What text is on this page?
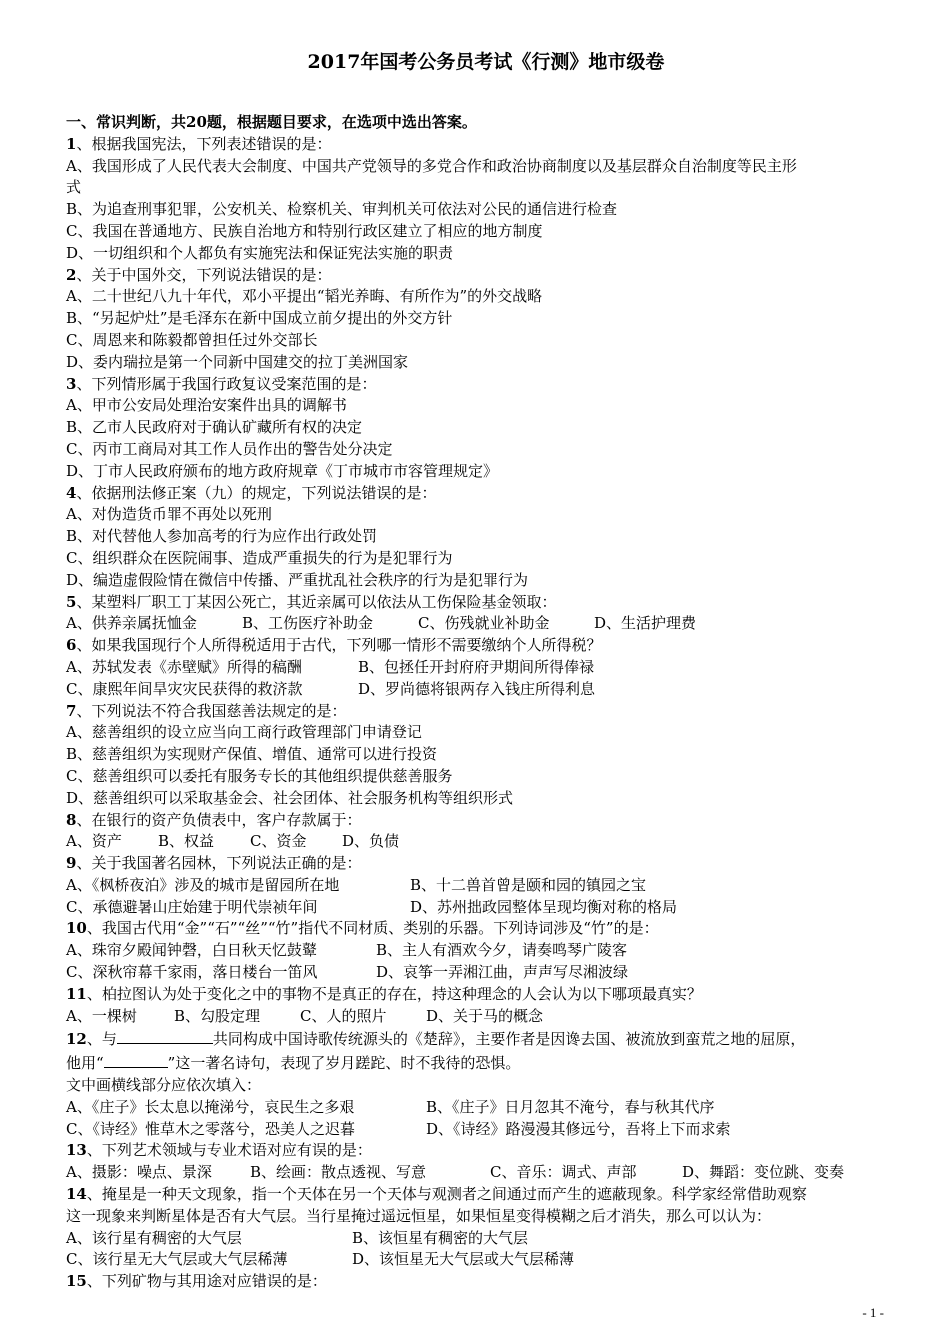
2017年国考公务员考试《行测》地市级卷
一、常识判断，共20题，根据题目要求，在选项中选出答案。
1、根据我国宪法，下列表述错误的是：
A、我国形成了人民代表大会制度、中国共产党领导的多党合作和政治协商制度以及基层群众自治制度等民主形
式
B、为追查刑事犯罪，公安机关、检察机关、审判机关可依法对公民的通信进行检查
C、我国在普通地方、民族自治地方和特别行政区建立了相应的地方制度
D、一切组织和个人都负有实施宪法和保证宪法实施的职责
2、关于中国外交，下列说法错误的是：
A、二十世纪八九十年代，邓小平提出“韬光养晦、有所作为”的外交战略
B、“另起炉灶”是毛泽东在新中国成立前夕提出的外交方针
C、周恩来和陈毅都曾担任过外交部长
D、委内瑞拉是第一个同新中国建交的拉丁美洲国家
3、下列情形属于我国行政复议受案范围的是：
A、甲市公安局处理治安案件出具的调解书
B、乙市人民政府对于确认矿藏所有权的决定
C、丙市工商局对其工作人员作出的警告处分决定
D、丁市人民政府颁布的地方政府规章《丁市城市市容管理规定》
4、依据刑法修正案（九）的规定，下列说法错误的是：
A、对伪造货币罪不再处以死刑
B、对代替他人参加高考的行为应作出行政处罚
C、组织群众在医院闹事、造成严重损失的行为是犯罪行为
D、编造虚假险情在微信中传播、严重扰乱社会秩序的行为是犯罪行为
5、某塑料厂职工丁某因公死亡，其近亲属可以依法从工伤保险基金领取：
A、供养亲属抚恤金	B、工伤医疗补助金	C、伤残就业补助金	D、生活护理费
6、如果我国现行个人所得税适用于古代，下列哪一情形不需要缴纳个人所得税？
A、苏轼发表《赤壁赋》所得的稿酬	B、包拯任开封府府尹期间所得俸禄
C、康熙年间旱灾灾民获得的救济款	D、罗尚德将银两存入钱庄所得利息
7、下列说法不符合我国慈善法规定的是：
A、慈善组织的设立应当向工商行政管理部门申请登记
B、慈善组织为实现财产保值、增值、通常可以进行投资
C、慈善组织可以委托有服务专长的其他组织提供慈善服务
D、慈善组织可以采取基金会、社会团体、社会服务机构等组织形式
8、在银行的资产负债表中，客户存款属于：
A、资产	B、权益	C、资金	D、负债
9、关于我国著名园林，下列说法正确的是：
A、《枫桥夜泊》涉及的城市是留园所在地	B、十二兽首曾是颐和园的镇园之宝
C、承德避暑山庄始建于明代崇祯年间	D、苏州拙政园整体呈现均衡对称的格局
10、我国古代用“金”“石”“丝”“竹”指代不同材质、类别的乐器。下列诗词涉及“竹”的是：
A、珠帘夕殿闻钟磬，白日秋天忆鼓鼙	B、主人有酒欢今夕，请奏鸣琴广陵客
C、深秋帘幕千家雨，落日楼台一笛风	D、哀筝一弄湘江曲，声声写尽湘波绿
11、柏拉图认为处于变化之中的事物不是真正的存在，持这种理念的人会认为以下哪项最真实？
A、一棵树	B、勾股定理	C、人的照片	D、关于马的概念
12、与	共同构成中国诗歌传统源头的《楚辞》，主要作者是因谗去国、被流放到蛮荒之地的屈原，
他用“	”这一著名诗句，表现了岁月蹉跎、时不我待的恐惧。
文中画横线部分应依次填入：
A、《庄子》长太息以掩涕兮，哀民生之多艰	B、《庄子》日月忽其不淹兮，春与秋其代序
C、《诗经》惟草木之零落兮，恐美人之迟暮	D、《诗经》路漫漫其修远兮，吾将上下而求索
13、下列艺术领域与专业术语对应有误的是：
A、摄影：噪点、景深	B、绘画：散点透视、写意	C、音乐：调式、声部	D、舞蹈：变位跳、变奏
14、掩星是一种天文现象，指一个天体在另一个天体与观测者之间通过而产生的遮蔽现象。科学家经常借助观察
这一现象来判断星体是否有大气层。当行星掩过遥远恒星，如果恒星变得模糊之后才消失，那么可以认为：
A、该行星有稠密的大气层	B、该恒星有稠密的大气层
C、该行星无大气层或大气层稀薄	D、该恒星无大气层或大气层稀薄
15、下列矿物与其用途对应错误的是：
- 1 -
